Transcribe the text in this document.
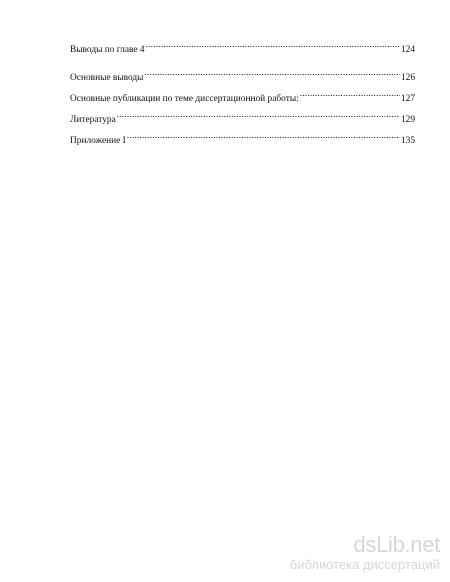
Выводы по главе 4 .....	124
Основные выводы .....	126
Основные публикации по теме диссертационной работы: .....	127
Литература .....	129
Приложение I .....	135
dsLib.net
библиотека диссертаций
